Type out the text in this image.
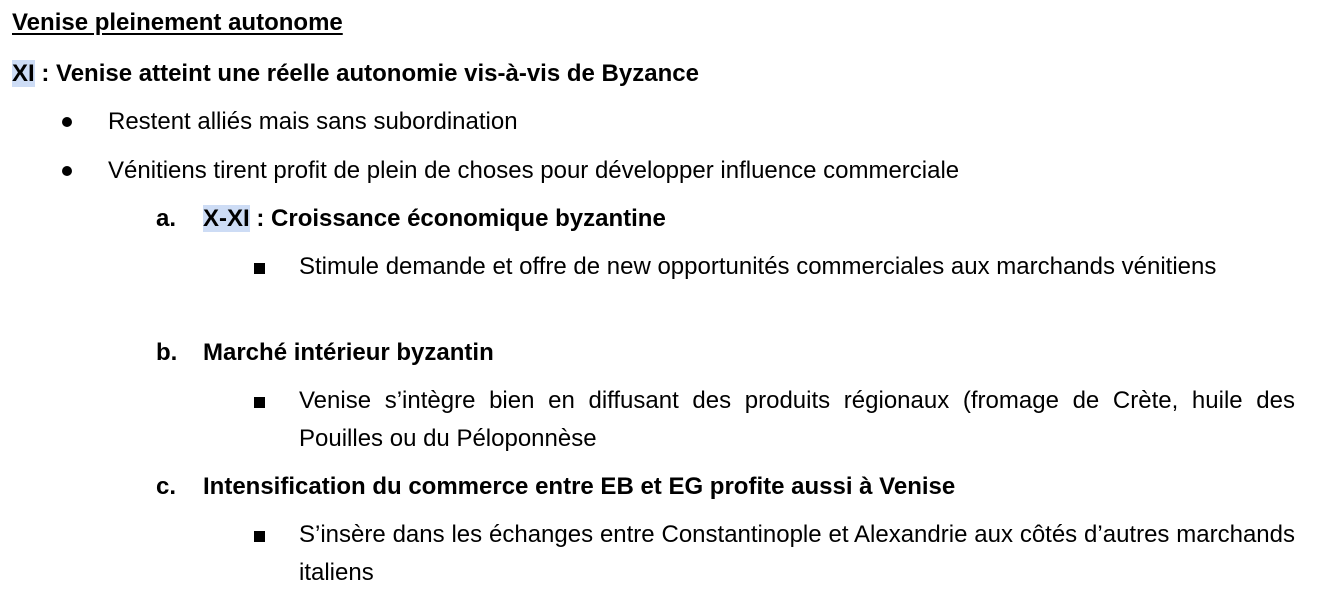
Venise pleinement autonome
XI : Venise atteint une réelle autonomie vis-à-vis de Byzance
Restent alliés mais sans subordination
Vénitiens tirent profit de plein de choses pour développer influence commerciale
a. X-XI : Croissance économique byzantine
Stimule demande et offre de new opportunités commerciales aux marchands vénitiens
b. Marché intérieur byzantin
Venise s’intègre bien en diffusant des produits régionaux (fromage de Crète, huile des Pouilles ou du Péloponnèse
c. Intensification du commerce entre EB et EG profite aussi à Venise
S’insère dans les échanges entre Constantinople et Alexandrie aux côtés d’autres marchands italiens
